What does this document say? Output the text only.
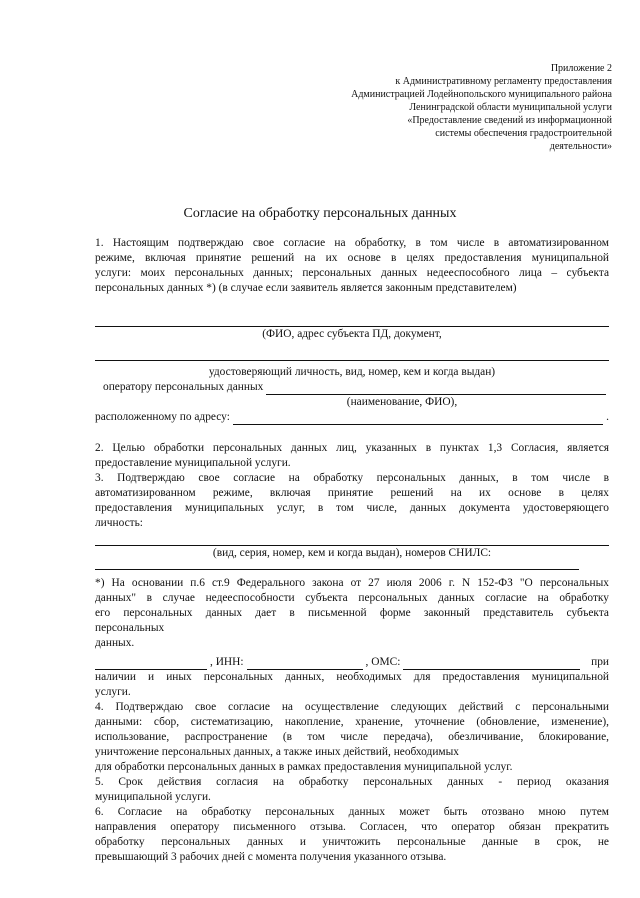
Приложение 2
к Административному регламенту предоставления
Администрацией Лодейнопольского муниципального района
Ленинградской области муниципальной услуги
«Предоставление сведений из информационной
системы обеспечения градостроительной
деятельности»
Согласие на обработку персональных данных
1. Настоящим подтверждаю свое согласие на обработку, в том числе в автоматизированном
режиме, включая принятие решений на их основе в целях предоставления муниципальной
услуги: моих персональных данных; персональных данных недееспособного лица – субъекта
персональных данных *) (в случае если заявитель является законным представителем)
(ФИО, адрес субъекта ПД, документ,
удостоверяющий личность, вид, номер, кем и когда выдан)
оператору персональных данных
(наименование, ФИО),
расположенному по адресу:	.
2. Целью обработки персональных данных лиц, указанных в пунктах 1,3 Согласия, является
предоставление муниципальной услуги.
3. Подтверждаю свое согласие на обработку персональных данных, в том числе в
автоматизированном режиме, включая принятие решений на их основе в целях
предоставления муниципальных услуг, в том числе, данных документа удостоверяющего
личность:
(вид, серия, номер, кем и когда выдан), номеров СНИЛС:
*) На основании п.6 ст.9 Федерального закона от 27 июля 2006 г. N 152-ФЗ "О персональных
данных" в случае недееспособности субъекта персональных данных согласие на обработку
его персональных данных дает в письменной форме законный представитель субъекта
персональных
данных.
, ИНН:	, ОМС:	при
наличии и иных персональных данных, необходимых для предоставления муниципальной
услуги.
4. Подтверждаю свое согласие на осуществление следующих действий с персональными
данными: сбор, систематизацию, накопление, хранение, уточнение (обновление, изменение),
использование, распространение (в том числе передача), обезличивание, блокирование,
уничтожение персональных данных, а также иных действий, необходимых
для обработки персональных данных в рамках предоставления муниципальной услуг.
5. Срок действия согласия на обработку персональных данных - период оказания
муниципальной услуги.
6. Согласие на обработку персональных данных может быть отозвано мною путем
направления оператору письменного отзыва. Согласен, что оператор обязан прекратить
обработку персональных данных и уничтожить персональные данные в срок, не
превышающий 3 рабочих дней с момента получения указанного отзыва.
